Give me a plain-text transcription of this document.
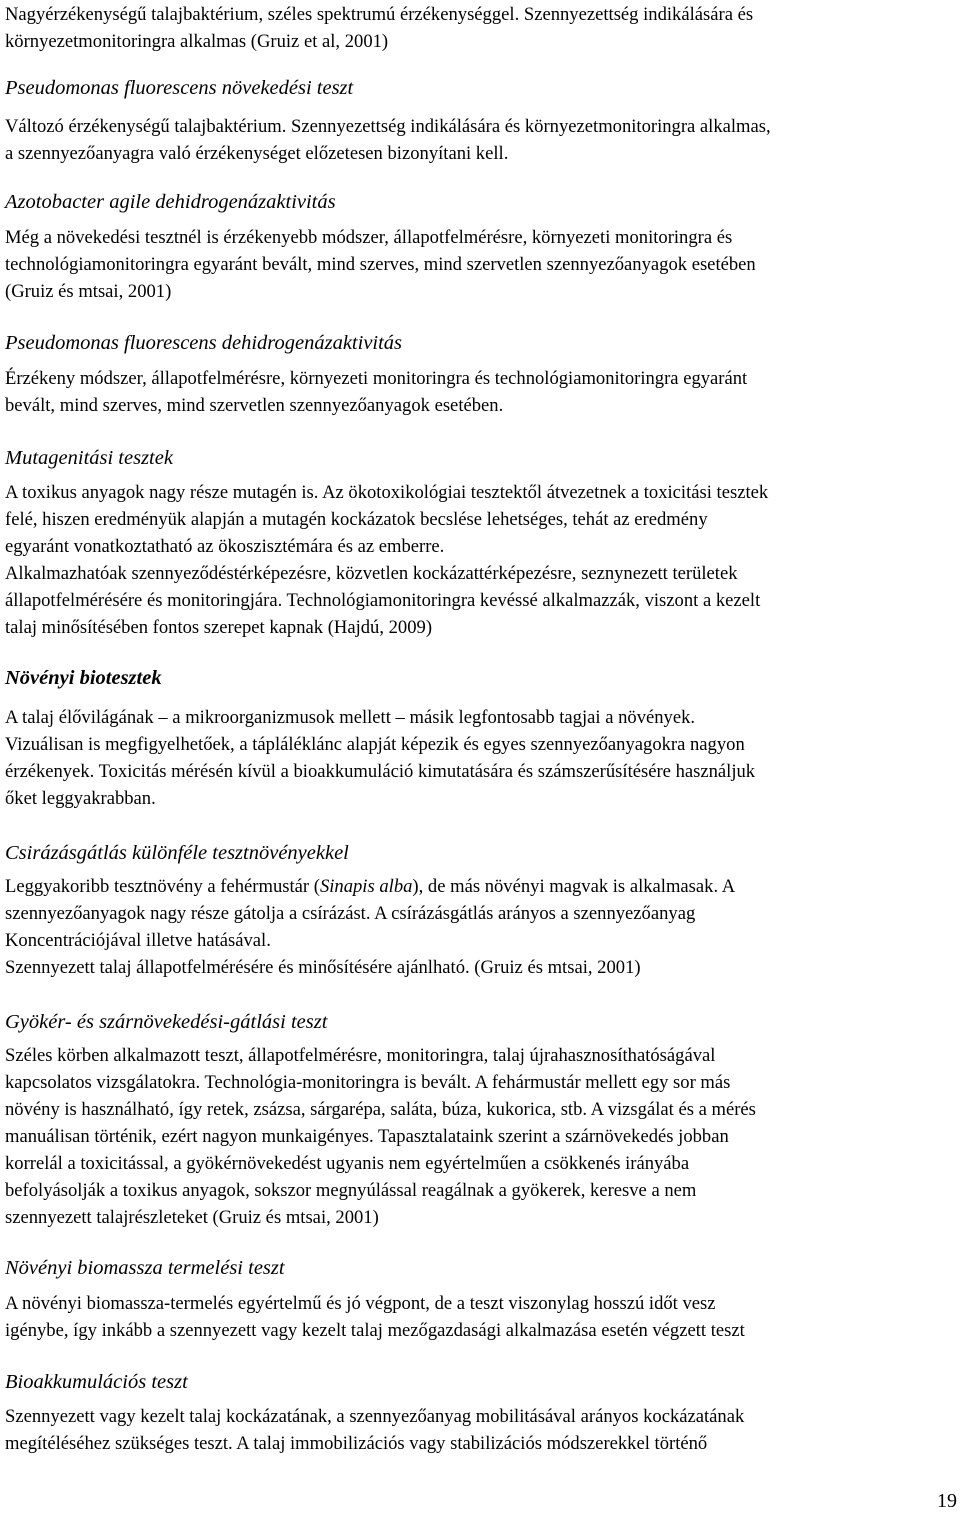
Nagyérzékenységű talajbaktérium, széles spektrumú érzékenységgel. Szennyezettség indikálására és
környezetmonitoringra alkalmas (Gruiz et al, 2001)

Pseudomonas fluorescens növekedési teszt

Változó érzékenységű talajbaktérium. Szennyezettség indikálására és környezetmonitoringra alkalmas,
a szennyezőanyagra való érzékenységet előzetesen bizonyítani kell.

Azotobacter agile dehidrogenázaktivitás

Még a növekedési tesztnél is érzékenyebb módszer, állapotfelmérésre, környezeti monitoringra és
technológiamonitoringra egyaránt bevált, mind szerves, mind szervetlen szennyezőanyagok esetében
(Gruiz és mtsai, 2001)

Pseudomonas fluorescens dehidrogenázaktivitás

Érzékeny módszer, állapotfelmérésre, környezeti monitoringra és technológiamonitoringra egyaránt
bevált, mind szerves, mind szervetlen szennyezőanyagok esetében.

Mutagenitási tesztek

A toxikus anyagok nagy része mutagén is. Az ökotoxikológiai tesztektől átvezetnek a toxicitási tesztek
felé, hiszen eredményük alapján a mutagén kockázatok becslése lehetséges, tehát az eredmény
egyaránt vonatkoztatható az ökoszisztémára és az emberre.
Alkalmazhatóak szennyeződéstérképezésre, közvetlen kockázattérképezésre, seznynezett területek
állapotfelmérésére és monitoringjára. Technológiamonitoringra kevéssé alkalmazzák, viszont a kezelt
talaj minősítésében fontos szerepet kapnak (Hajdú, 2009)

Növényi biotesztek

A talaj élővilágának – a mikroorganizmusok mellett – másik legfontosabb tagjai a növények.
Vizuálisan is megfigyelhetőek, a tápláléklánc alapját képezik és egyes szennyezőanyagokra nagyon
érzékenyek. Toxicitás mérésén kívül a bioakkumuláció kimutatására és számszerűsítésére használjuk
őket leggyakrabban.

Csirázásgátlás különféle tesztnövényekkel

Leggyakoribb tesztnövény a fehérmustár (Sinapis alba), de más növényi magvak is alkalmasak. A
szennyezőanyagok nagy része gátolja a csírázást. A csírázásgátlás arányos a szennyezőanyag
Koncentrációjával illetve hatásával.
Szennyezett talaj állapotfelmérésére és minősítésére ajánlható. (Gruiz és mtsai, 2001)

Gyökér- és szárnövekedési-gátlási teszt

Széles körben alkalmazott teszt, állapotfelmérésre, monitoringra, talaj újrahasznosíthatóságával
kapcsolatos vizsgálatokra. Technológia-monitoringra is bevált. A fehármustár mellett egy sor más
növény is használható, így retek, zsázsa, sárgarépa, saláta, búza, kukorica, stb. A vizsgálat és a mérés
manuálisan történik, ezért nagyon munkaigényes. Tapasztalataink szerint a szárnövekedés jobban
korrelál a toxicitással, a gyökérnövekedést ugyanis nem egyértelműen a csökkenés irányába
befolyásolják a toxikus anyagok, sokszor megnyúlással reagálnak a gyökerek, keresve a nem
szennyezett talajrészleteket (Gruiz és mtsai, 2001)

Növényi biomassza termelési teszt

A növényi biomassza-termelés egyértelmű és jó végpont, de a teszt viszonylag hosszú időt vesz
igénybe, így inkább a szennyezett vagy kezelt talaj mezőgazdasági alkalmazása esetén végzett teszt

Bioakkumulációs teszt

Szennyezett vagy kezelt talaj kockázatának, a szennyezőanyag mobilitásával arányos kockázatának
megítéléséhez szükséges teszt. A talaj immobilizációs vagy stabilizációs módszerekkel történő

19
